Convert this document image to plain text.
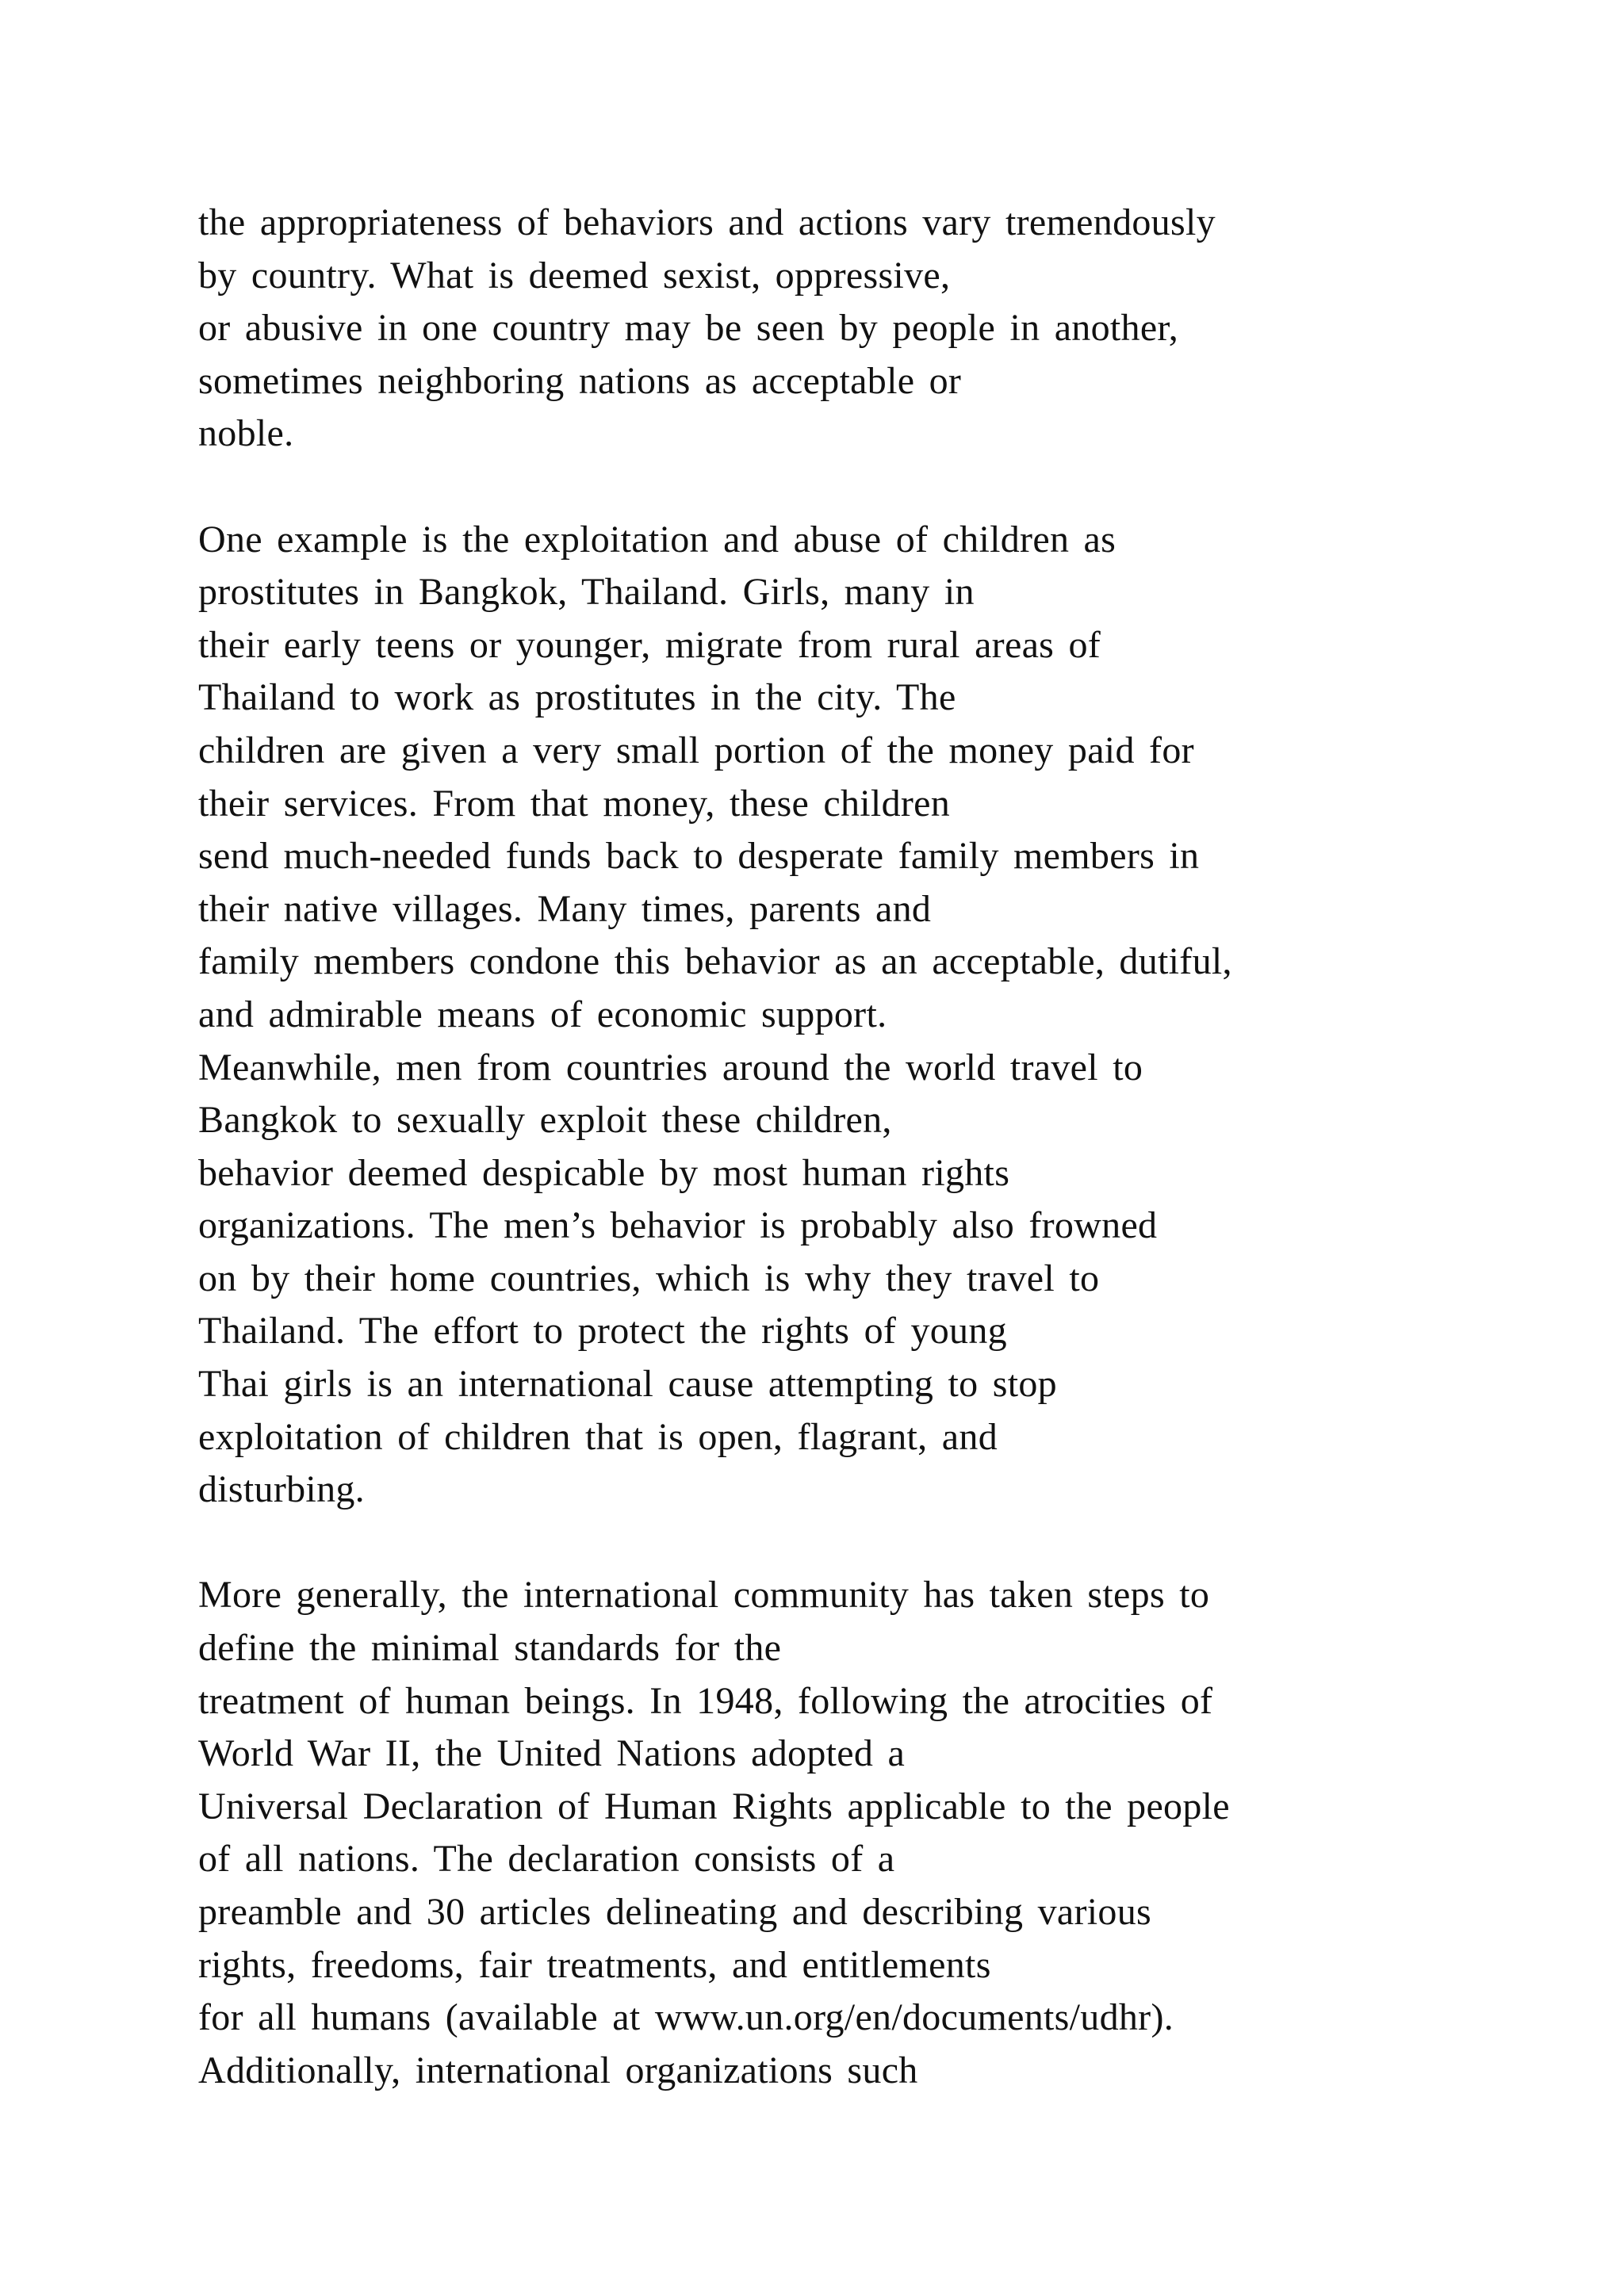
the appropriateness of behaviors and actions vary tremendously
by country. What is deemed sexist, oppressive,
or abusive in one country may be seen by people in another,
sometimes neighboring nations as acceptable or
noble.
One example is the exploitation and abuse of children as
prostitutes in Bangkok, Thailand. Girls, many in
their early teens or younger, migrate from rural areas of
Thailand to work as prostitutes in the city. The
children are given a very small portion of the money paid for
their services. From that money, these children
send much-needed funds back to desperate family members in
their native villages. Many times, parents and
family members condone this behavior as an acceptable, dutiful,
and admirable means of economic support.
Meanwhile, men from countries around the world travel to
Bangkok to sexually exploit these children,
behavior deemed despicable by most human rights
organizations. The men’s behavior is probably also frowned
on by their home countries, which is why they travel to
Thailand. The effort to protect the rights of young
Thai girls is an international cause attempting to stop
exploitation of children that is open, flagrant, and
disturbing.
More generally, the international community has taken steps to
define the minimal standards for the
treatment of human beings. In 1948, following the atrocities of
World War II, the United Nations adopted a
Universal Declaration of Human Rights applicable to the people
of all nations. The declaration consists of a
preamble and 30 articles delineating and describing various
rights, freedoms, fair treatments, and entitlements
for all humans (available at www.un.org/en/documents/udhr).
Additionally, international organizations such
